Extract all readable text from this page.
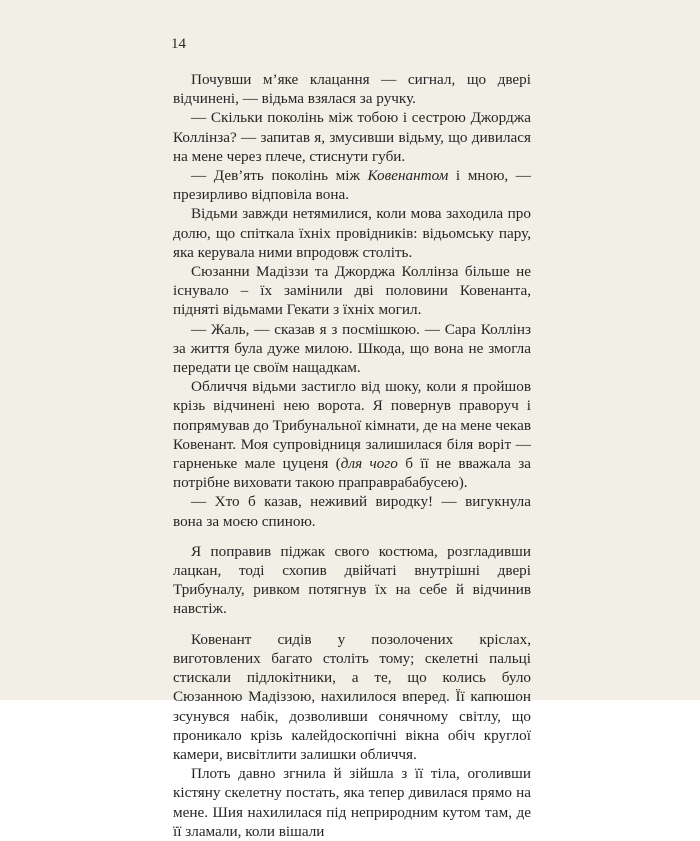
14

Почувши м’яке клацання — сигнал, що двері відчинені, — відьма взялася за ручку.

— Скільки поколінь між тобою і сестрою Джорджа Коллінза? — запитав я, змусивши відьму, що дивилася на мене через плече, стиснути губи.

— Дев’ять поколінь між Ковенантом і мною, — презирливо відповіла вона.

Відьми завжди нетямилися, коли мова заходила про долю, що спіткала їхніх провідників: відьомську пару, яка керувала ними впродовж століть.

Сюзанни Мадіззи та Джорджа Коллінза більше не існувало – їх замінили дві половини Ковенанта, підняті відьмами Гекати з їхніх могил.

— Жаль, — сказав я з посмішкою. — Сара Коллінз за життя була дуже милою. Шкода, що вона не змогла передати це своїм нащадкам.

Обличчя відьми застигло від шоку, коли я пройшов крізь відчинені нею ворота. Я повернув праворуч і попрямував до Трибунальної кімнати, де на мене чекав Ковенант. Моя супровідниця залишилася біля воріт — гарненьке мале цуценя (для чого б її не вважала за потрібне виховати такою праправрабабусею).

— Хто б казав, неживий виродку! — вигукнула вона за моєю спиною.

Я поправив піджак свого костюма, розгладивши лацкан, тоді схопив двійчаті внутрішні двері Трибуналу, ривком потягнув їх на себе й відчинив навстіж.

Ковенант сидів у позолочених кріслах, виготовлених багато століть тому; скелетні пальці стискали підлокітники, а те, що колись було Сюзанною Мадіззою, нахилилося вперед. Її капюшон зсунувся набік, дозволивши сонячному світлу, що проникало крізь калейдоскопічні вікна обіч круглої камери, висвітлити залишки обличчя.

Плоть давно згнила й зійшла з її тіла, оголивши кістяну скелетну постать, яка тепер дивилася прямо на мене. Шия нахилилася під неприродним кутом там, де її зламали, коли вішали
